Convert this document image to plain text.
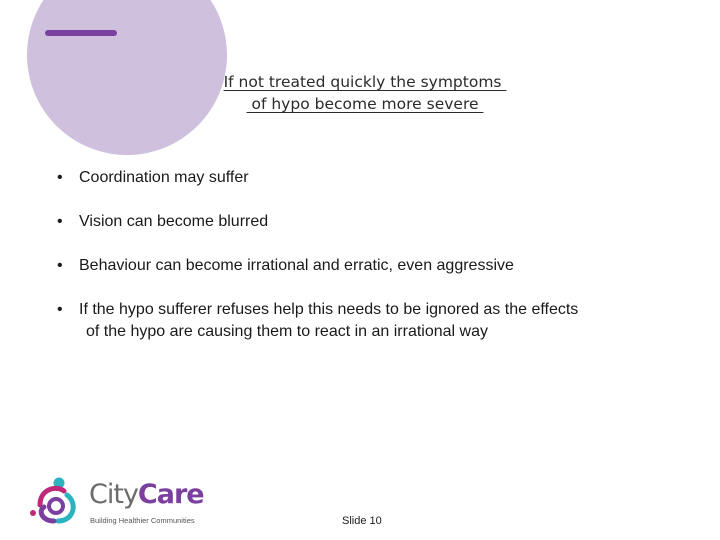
If not treated quickly the symptoms
of hypo become more severe
• Coordination may suffer
• Vision can become blurred
• Behaviour can become irrational and erratic, even aggressive
• If the hypo sufferer refuses help this needs to be ignored as the effects
of the hypo are causing them to react in an irrational way
CityCare
Building Healthier Communities	Slide 10
